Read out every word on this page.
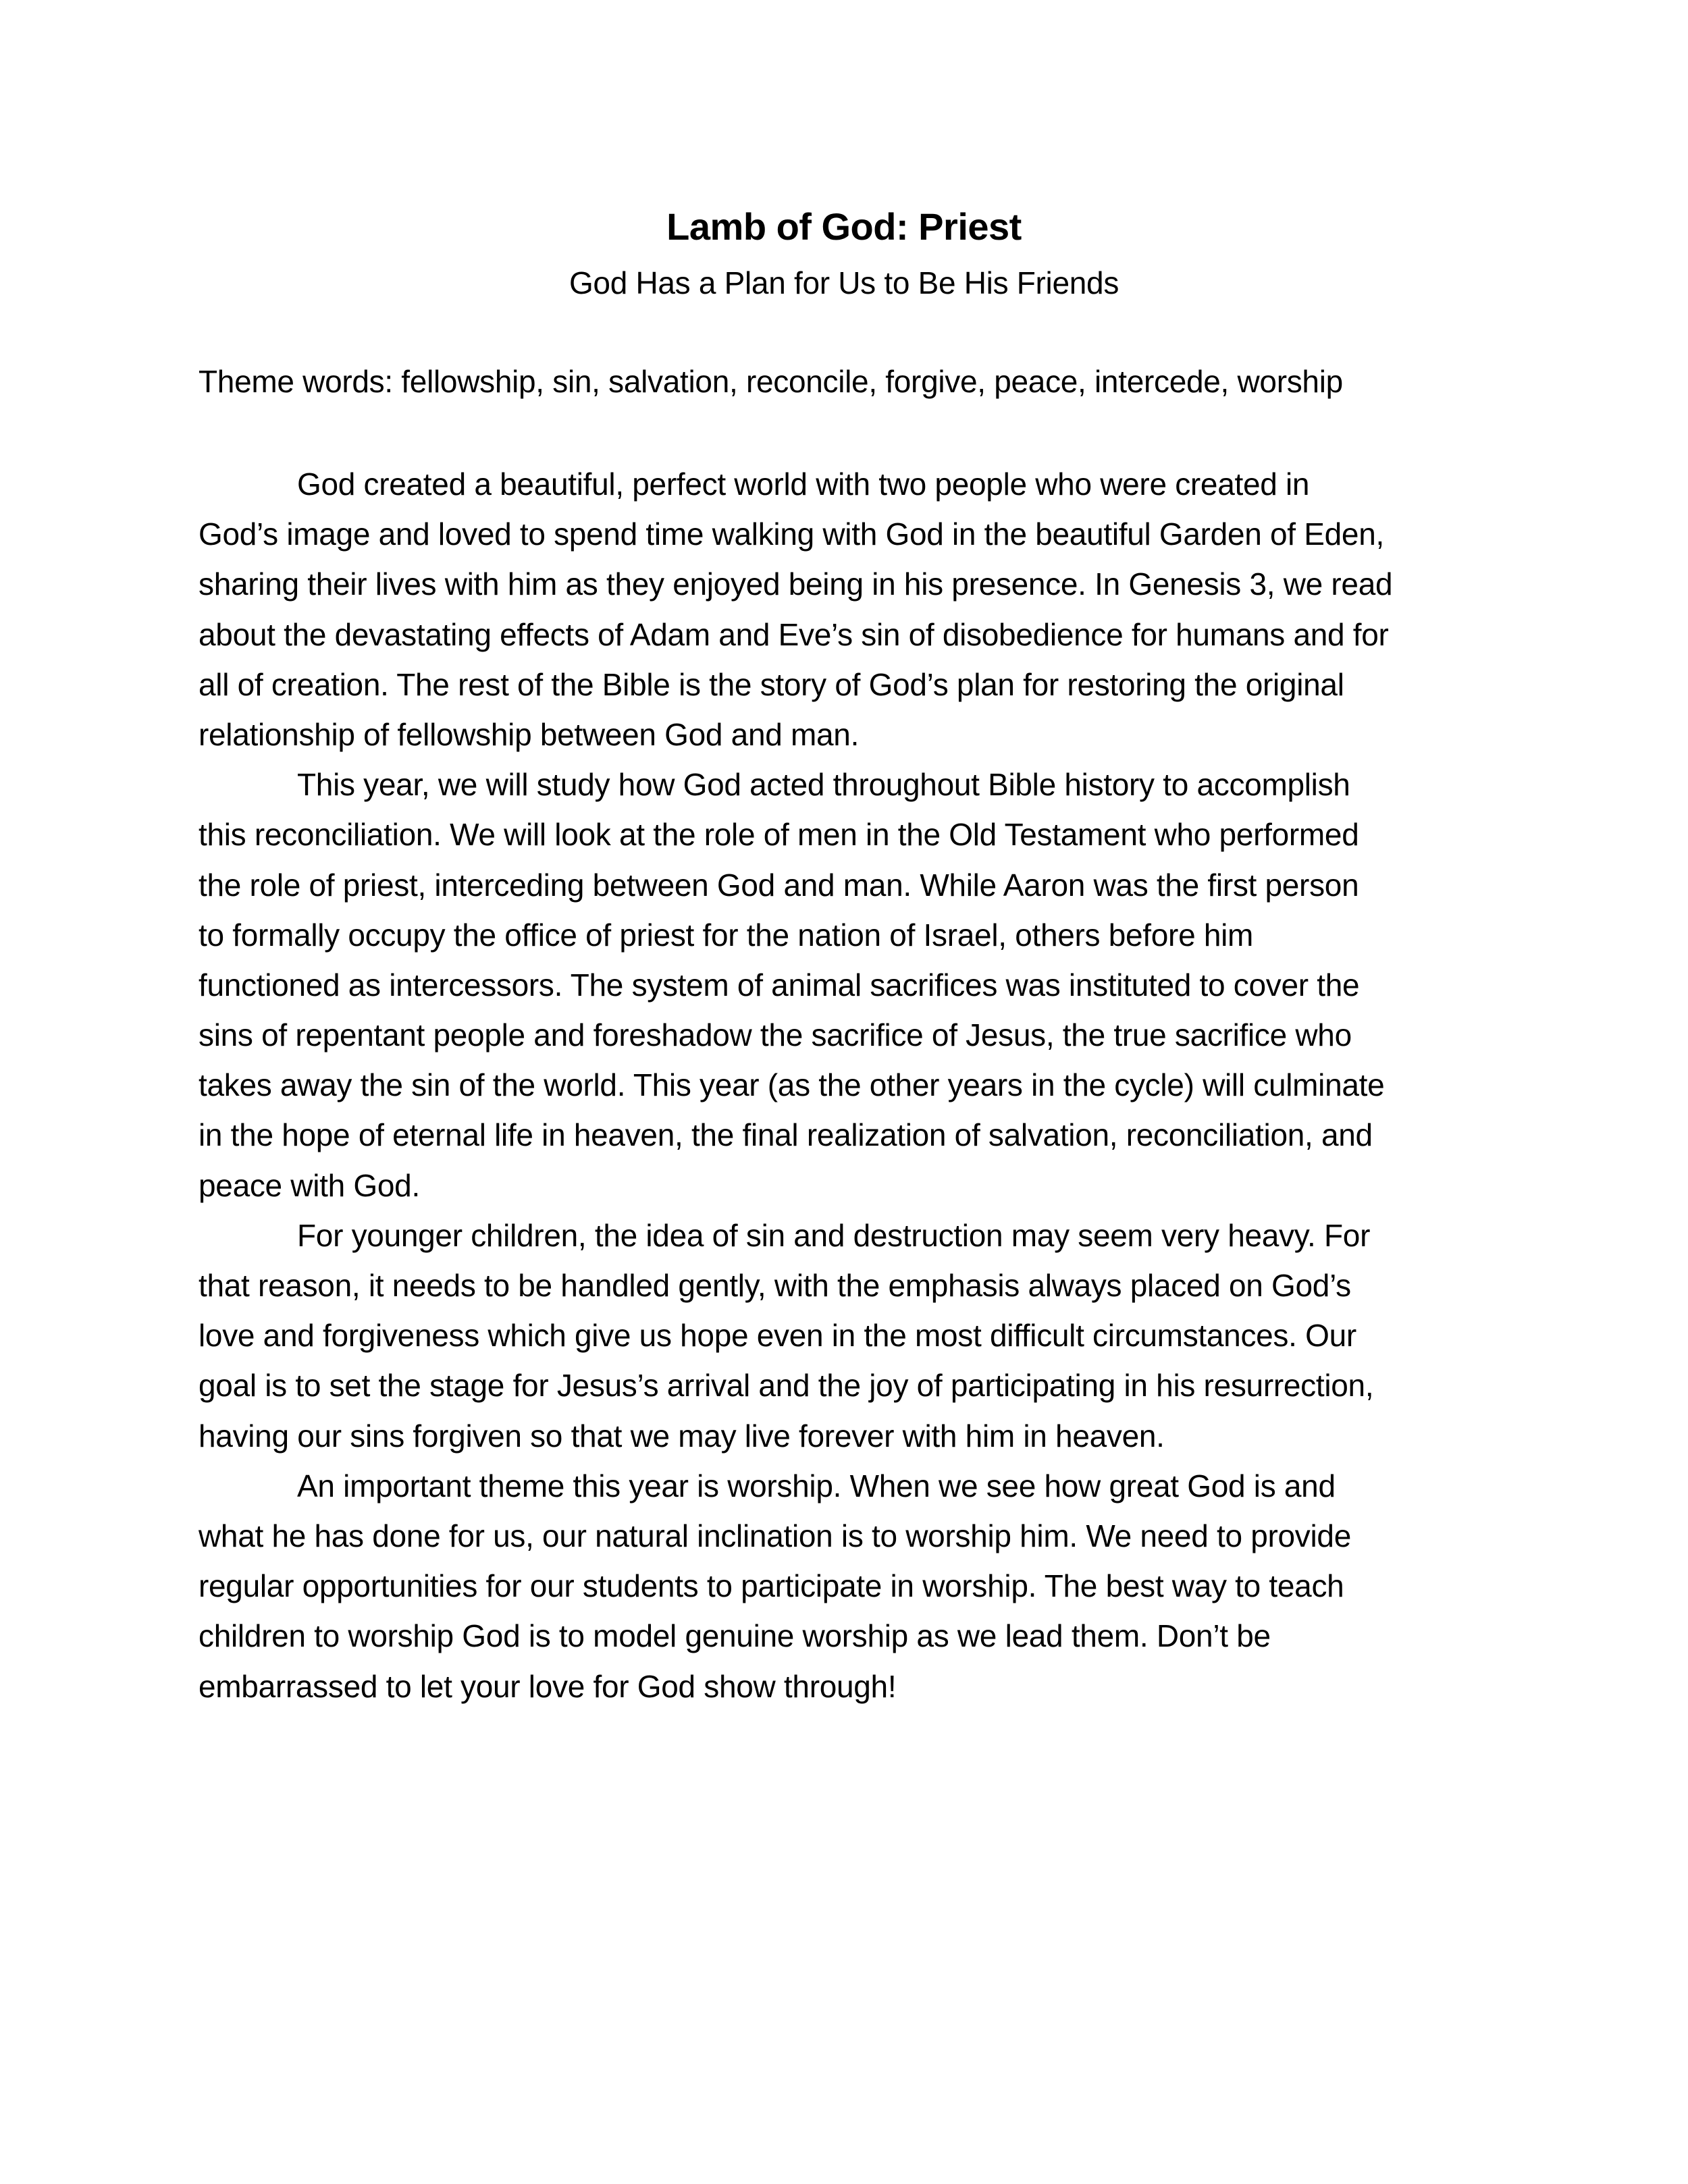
Lamb of God: Priest
God Has a Plan for Us to Be His Friends
Theme words: fellowship, sin, salvation, reconcile, forgive, peace, intercede, worship
God created a beautiful, perfect world with two people who were created in
God’s image and loved to spend time walking with God in the beautiful Garden of Eden,
sharing their lives with him as they enjoyed being in his presence. In Genesis 3, we read
about the devastating effects of Adam and Eve’s sin of disobedience for humans and for
all of creation. The rest of the Bible is the story of God’s plan for restoring the original
relationship of fellowship between God and man.
This year, we will study how God acted throughout Bible history to accomplish
this reconciliation. We will look at the role of men in the Old Testament who performed
the role of priest, interceding between God and man. While Aaron was the first person
to formally occupy the office of priest for the nation of Israel, others before him
functioned as intercessors. The system of animal sacrifices was instituted to cover the
sins of repentant people and foreshadow the sacrifice of Jesus, the true sacrifice who
takes away the sin of the world. This year (as the other years in the cycle) will culminate
in the hope of eternal life in heaven, the final realization of salvation, reconciliation, and
peace with God.
For younger children, the idea of sin and destruction may seem very heavy. For
that reason, it needs to be handled gently, with the emphasis always placed on God’s
love and forgiveness which give us hope even in the most difficult circumstances. Our
goal is to set the stage for Jesus’s arrival and the joy of participating in his resurrection,
having our sins forgiven so that we may live forever with him in heaven.
An important theme this year is worship. When we see how great God is and
what he has done for us, our natural inclination is to worship him. We need to provide
regular opportunities for our students to participate in worship. The best way to teach
children to worship God is to model genuine worship as we lead them. Don’t be
embarrassed to let your love for God show through!
